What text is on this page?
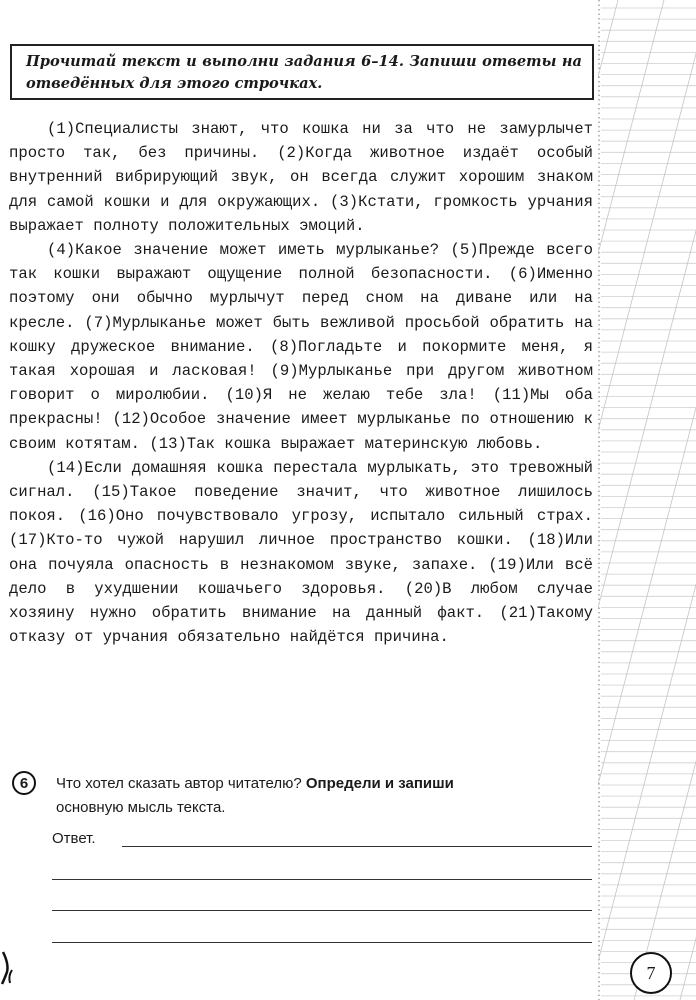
Прочитай текст и выполни задания 6–14. Запиши ответы на отведённых для этого строчках.

(1)Специалисты знают, что кошка ни за что не замурлычет просто так, без причины. (2)Когда животное издаёт особый внутренний вибрирующий звук, он всегда служит хорошим знаком для самой кошки и для окружающих. (3)Кстати, громкость урчания выражает полноту положительных эмоций.

(4)Какое значение может иметь мурлыканье? (5)Прежде всего так кошки выражают ощущение полной безопасности. (6)Именно поэтому они обычно мурлычут перед сном на диване или на кресле. (7)Мурлыканье может быть вежливой просьбой обратить на кошку дружеское внимание. (8)Погладьте и покормите меня, я такая хорошая и ласковая! (9)Мурлыканье при другом животном говорит о миролюбии. (10)Я не желаю тебе зла! (11)Мы оба прекрасны! (12)Особое значение имеет мурлыканье по отношению к своим котятам. (13)Так кошка выражает материнскую любовь.

(14)Если домашняя кошка перестала мурлыкать, это тревожный сигнал. (15)Такое поведение значит, что животное лишилось покоя. (16)Оно почувствовало угрозу, испытало сильный страх. (17)Кто-то чужой нарушил личное пространство кошки. (18)Или она почуяла опасность в незнакомом звуке, запахе. (19)Или всё дело в ухудшении кошачьего здоровья. (20)В любом случае хозяину нужно обратить внимание на данный факт. (21)Такому отказу от урчания обязательно найдётся причина.

6 Что хотел сказать автор читателю? Определи и запиши
основную мысль текста.
Ответ.
7
